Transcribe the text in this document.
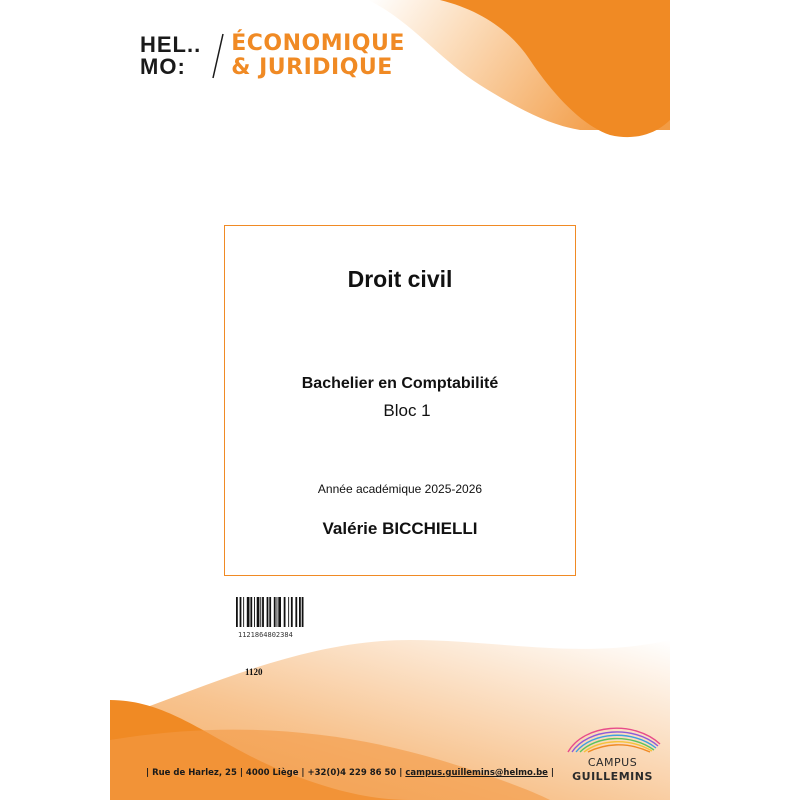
HEL..
MO:
ÉCONOMIQUE
& JURIDIQUE
Droit civil
Bachelier en Comptabilité
Bloc 1
Année académique 2025-2026
Valérie BICCHIELLI
1121864802384
1120
| Rue de Harlez, 25 | 4000 Liège | +32(0)4 229 86 50 | campus.guillemins@helmo.be |
CAMPUS
GUILLEMINS
